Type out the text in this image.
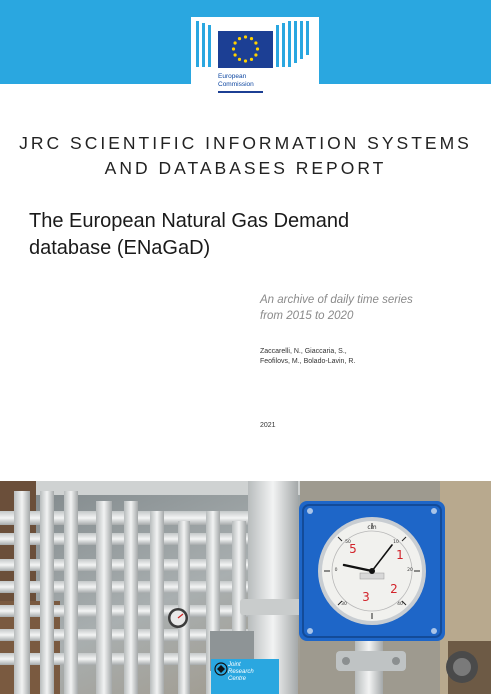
European
Commission
JRC SCIENTIFIC INFORMATION SYSTEMS
AND DATABASES REPORT
The European Natural Gas Demand
database (ENaGaD)
An archive of daily time series
from 2015 to 2020
Zaccarelli, N., Giaccaria, S.,
Feofilovs, M., Bolado-Lavin, R.
2021
cm
50	10
20
40
30
0
5	1
2
3
Joint
Research
Centre
